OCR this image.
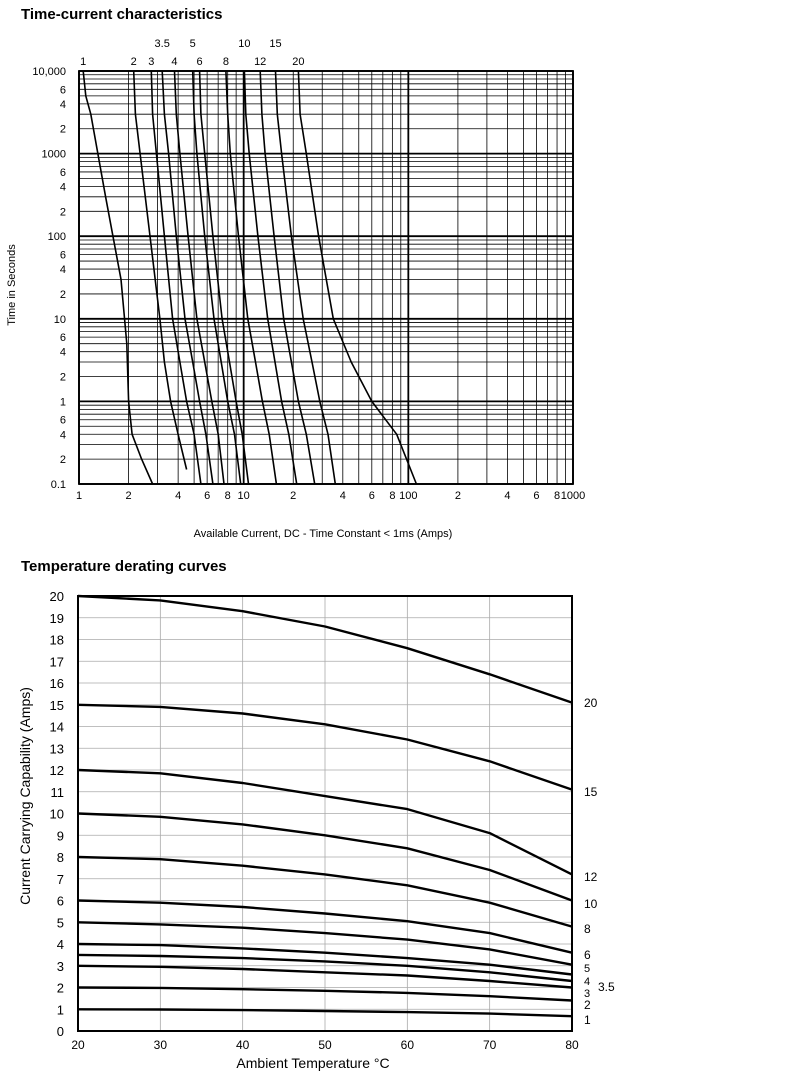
Time-current characteristics
1	2	4 6 8 10	2	4 6 8 100	2	4 6 8 1000
10,000
6
4
2
1000
6
4
2
100
6
4
2
10
6
4
2
1
6
4
2
0.1
1	2 3 4 6 8 12 20
3.5 5	10 15
Available Current, DC - Time Constant < 1ms (Amps)
Time in Seconds
Temperature derating curves
0
1
2
3
4
5
6
7
8
9
10
11
12
13
14
15
16
17
18
19
20
20	30	40	50	60	70	80
20
15
12
10
8
6
5
4 3.5
3
2
1
Ambient Temperature °C
Current Carrying Capability (Amps)
